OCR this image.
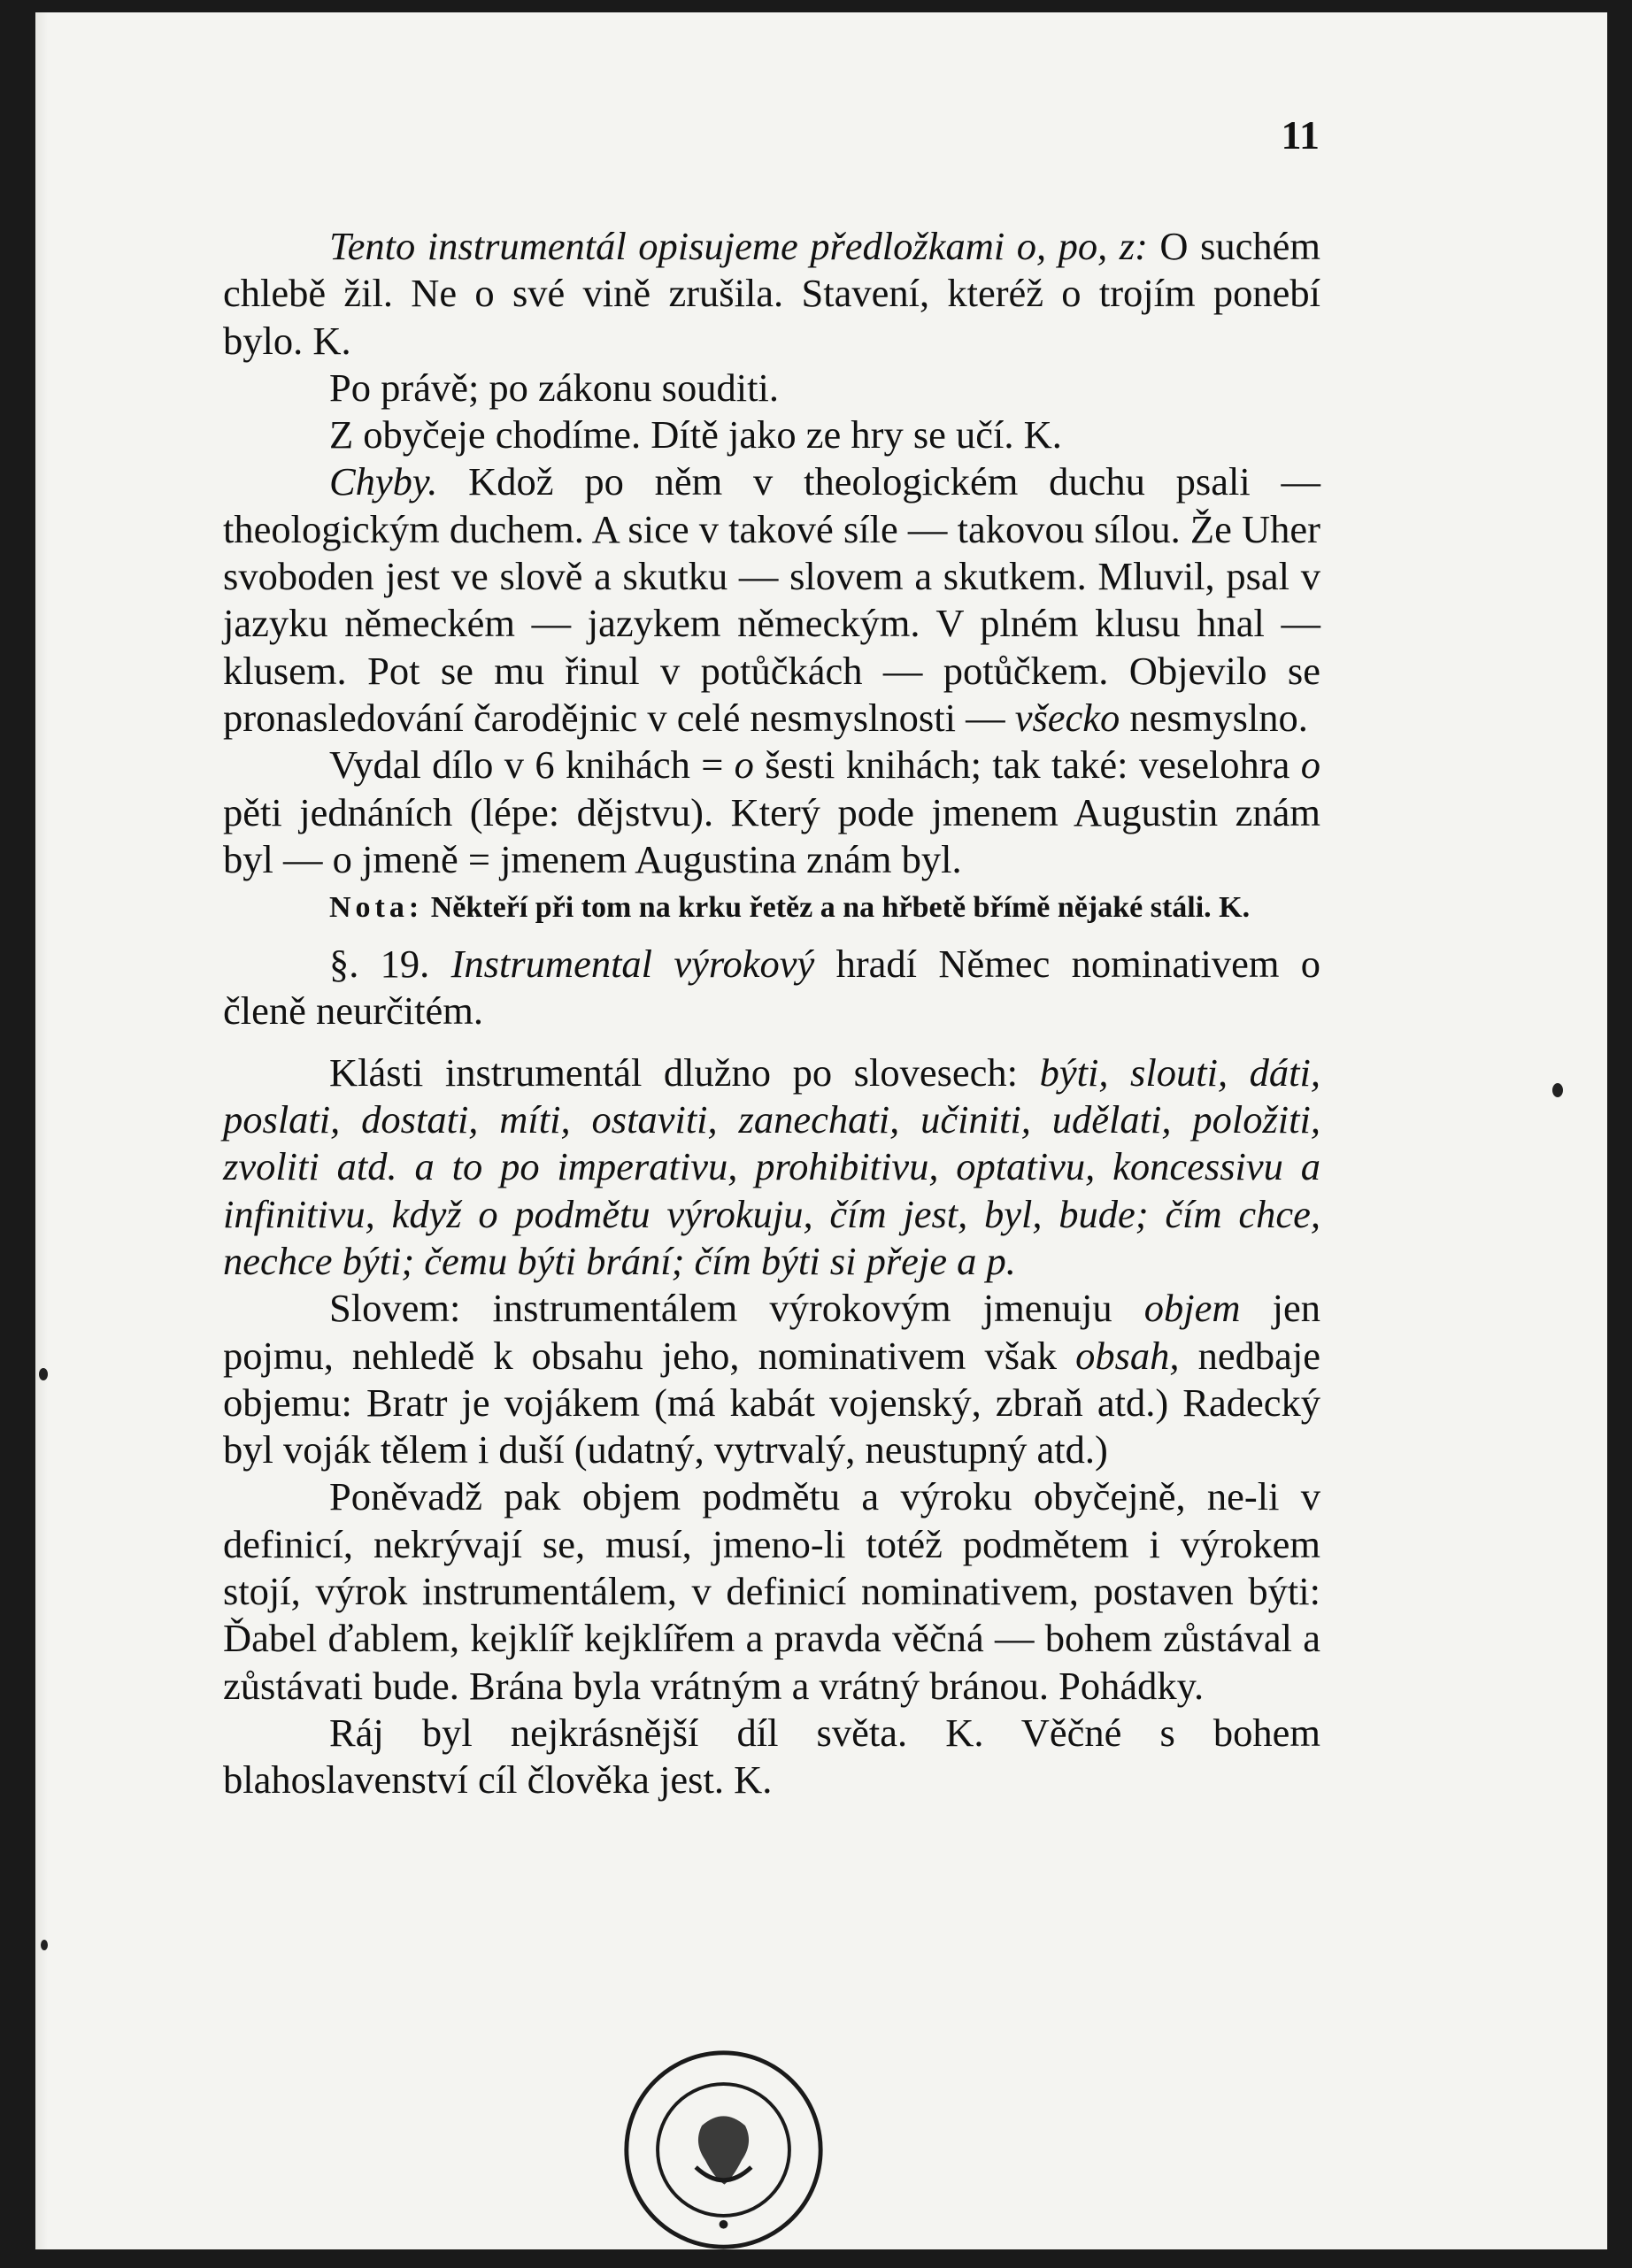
11

Tento instrumentál opisujeme předložkami o, po, z: O suchém chlebě žil. Ne o své vině zrušila. Stavení, kteréž o trojím ponebí bylo. K.

Po právě; po zákonu souditi.

Z obyčeje chodíme. Dítě jako ze hry se učí. K.

Chyby. Kdož po něm v theologickém duchu psali — theologickým duchem. A sice v takové síle — takovou sílou. Že Uher svoboden jest ve slově a skutku — slovem a skutkem. Mluvil, psal v jazyku německém — jazykem německým. V plném klusu hnal — klusem. Pot se mu řinul v potůčkách — potůčkem. Objevilo se pronasledování čarodějnic v celé nesmyslnosti — všecko nesmyslno.

Vydal dílo v 6 knihách = o šesti knihách; tak také: veselohra o pěti jednáních (lépe: dějstvu). Který pode jmenem Augustin znám byl — o jmeně = jmenem Augustina znám byl.

Nota: Někteří při tom na krku řetěz a na hřbetě břímě nějaké stáli. K.

§. 19. Instrumental výrokový hradí Němec nominativem o členě neurčitém.

Klásti instrumentál dlužno po slovesech: býti, slouti, dáti, poslati, dostati, míti, ostaviti, zanechati, učiniti, udělati, položiti, zvoliti atd. a to po imperativu, prohibitivu, optativu, koncessivu a infinitivu, když o podmětu výrokuju, čím jest, byl, bude; čím chce, nechce býti; čemu býti brání; čím býti si přeje a p.

Slovem: instrumentálem výrokovým jmenuju objem jen pojmu, nehledě k obsahu jeho, nominativem však obsah, nedbaje objemu: Bratr je vojákem (má kabát vojenský, zbraň atd.) Radecký byl voják tělem i duší (udatný, vytrvalý, neustupný atd.)

Poněvadž pak objem podmětu a výroku obyčejně, ne-li v definicí, nekrývají se, musí, jmeno-li totéž podmětem i výrokem stojí, výrok instrumentálem, v definicí nominativem, postaven býti: Ďabel ďablem, kejklíř kejklířem a pravda věčná — bohem zůstával a zůstávati bude. Brána byla vrátným a vrátný bránou. Pohádky.

Ráj byl nejkrásnější díl světa. K. Věčné s bohem blahoslavenství cíl člověka jest. K.
